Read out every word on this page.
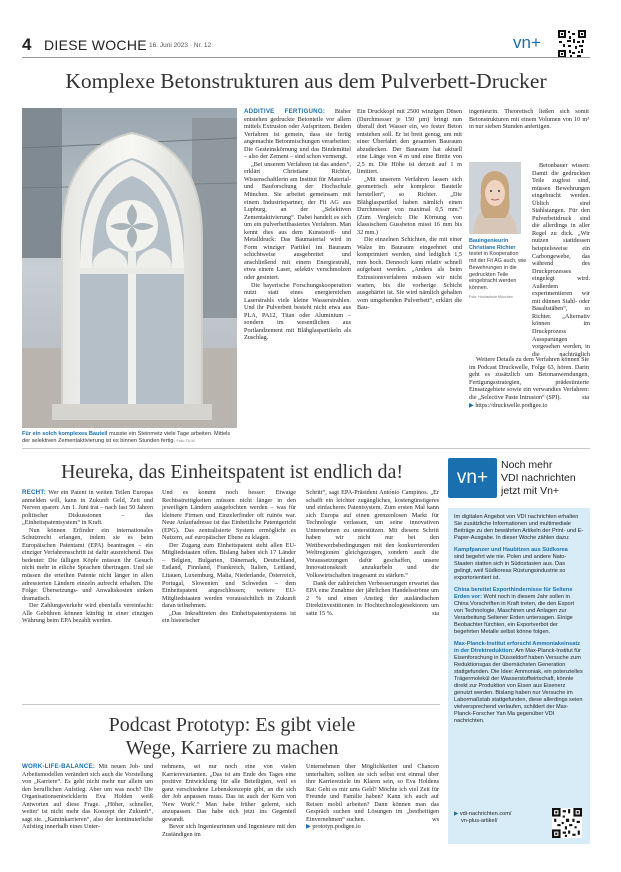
4 DIESE WOCHE 16. Juni 2023 · Nr. 12	vn+
Komplexe Betonstrukturen aus dem Pulverbett-Drucker
Für ein solch komplexes Bauteil musste ein Steinmetz viele Tage arbeiten. Mittels der selektiven Zementaktivierung ist es binnen Stunden fertig. Foto: TU M

ADDITIVE FERTIGUNG: Bisher entstehen gedruckte Betonteile vor allem mittels Extrusion oder Aufspritzen. Beiden Verfahren ist gemein, dass sie fertig angemachte Betonmischungen verarbeiten: Die Gesteinskörnung und das Bindemittel – also der Zement – sind schon vermengt.

„Bei unserem Verfahren ist das anders“, erklärt Christiane Richter, Wissenschaftlerin am Institut für Material- und Bauforschung der Hochschule München. Sie arbeitet gemeinsam mit einem Industriepartner, der Fit AG aus Lupburg, an der „Selektiven Zementaktivierung“. Dabei handelt es sich um ein pulverbettbasiertes Verfahren. Man kennt dies aus dem Kunststoff- und Metalldruck: Das Baumaterial wird in Form winziger Partikel im Bauraum schichtweise ausgebreitet und anschließend mit einem Energiestrahl, etwa einem Laser, selektiv verschmolzen oder gesintert.

Die bayerische Forschungskooperation nutzt statt eines energiereichen Laserstrahls viele kleine Wasserstrahlen. Und ihr Pulverbett besteht nicht etwa aus PLA, PA12, Titan oder Aluminium – sondern im wesentlichen aus Portlandzement mit Blähglaspartikeln als Zuschlag.

Ein Druckkopf mit 2500 winzigen Düsen (Durchmesser je 150 µm) bringt nun überall dort Wasser ein, wo fester Beton entstehen soll. Er ist breit genug, um mit einer Überfahrt den gesamten Bauraum abzudecken. Der Bauraum hat aktuell eine Länge von 4 m und eine Breite von 2,5 m. Die Höhe ist derzeit auf 1 m limitiert.

„Mit unserem Verfahren lassen sich geometrisch sehr komplexe Bauteile herstellen“, so Richter. „Die Blähglaspartikel haben nämlich einen Durchmesser von maximal 0,5 mm.“ (Zum Vergleich: Die Körnung von klassischem Gussbeton misst 16 mm bis 32 mm.)

Die einzelnen Schichten, die mit einer Walze im Bauraum eingeebnet und komprimiert werden, sind lediglich 1,5 mm hoch. Dennoch kann relativ schnell aufgebaut werden. „Anders als beim Extrusionsverfahren müssen wir nicht warten, bis die vorherige Schicht ausgehärtet ist. Sie wird nämlich gehalten vom umgebenden Pulverbett“, erklärt die Bau-

ingenieurin. Theoretisch ließen sich somit Betonstrukturen mit einem Volumen von 10 m³ in nur sieben Stunden anfertigen.

Bauingenieurin Christiane Richter testet in Kooperation mit der Fit AG auch, wie Bewehrungen in die gedruckten Teile eingebracht werden können.
Foto: Hochschule München

Betonbauer wissen: Damit die gedruckten Teile zugfest sind, müssen Bewehrungen eingebracht werden. Üblich sind Stahlstangen. Für den Pulverbettdruck sind die allerdings in aller Regel zu dick. „Wir nutzen stattdessen beispielsweise ein Carbongewebe, das während des Druckprozesses eingelegt wird. Außerdem experimentieren wir mit dünnen Stahl- oder Basaltstäben“, so Richter. „Alternativ können im Druckprozess Aussparungen vorgesehen werden, in die nachträglich

Weitere Details zu dem Verfahren können Sie im Podcast Druckwelle, Folge 63, hören. Darin geht es zusätzlich um Betonanwendungen, Fertigungsstrategien, prädestinierte Einsatzgebiete sowie ein verwandtes Verfahren: die „Selective Paste Intrusion“ (SPI).	sta

▶ https://druckwelle.podigee.io

Heureka, das Einheitspatent ist endlich da!

RECHT: Wer ein Patent in weiten Teilen Europas anmelden will, kann in Zukunft Geld, Zeit und Nerven sparen: Am 1. Juni trat – nach fast 50 Jahren politischer Diskussionen – das „Einheitspatentsystem“ in Kraft.

Nun können Erfinder ein internationales Schutzrecht erlangen, indem sie es beim Europäischen Patentamt (EPA) beantragen – ein einziger Verfahrensschritt ist dafür ausreichend. Das bedeutet: Die fälligen Köpfe müssen ihr Gesuch nicht mehr in etliche Sprachen übertragen. Und sie müssen die erteilten Patente nicht länger in allen adressierten Ländern einzeln aufrecht erhalten. Die Folge: Übersetzungs- und Anwaltskosten sinken dramatisch.

Der Zahlungsverkehr wird ebenfalls vereinfacht: Alle Gebühren können künftig in einer einzigen Währung beim EPA bezahlt werden.

Und es kommt noch besser: Etwaige Rechtsstreitigkeiten müssen nicht länger in den jeweiligen Ländern ausgefochten werden – was für kleinere Firmen und Einzelerfinder oft ruinös war. Neue Anlaufadresse ist das Einheitliche Patentgericht (EPG). Das zentralisierte System ermöglicht es Nutzern, auf europäischer Ebene zu klagen.

Der Zugang zum Einheitspatent steht allen EU-Mitgliedstaaten offen. Bislang haben sich 17 Länder – Belgien, Bulgarien, Dänemark, Deutschland, Estland, Finnland, Frankreich, Italien, Lettland, Litauen, Luxemburg, Malta, Niederlande, Österreich, Portugal, Slowenien und Schweden – dem Einheitspatent angeschlossen; weitere EU-Mitgliedstaaten werden voraussichtlich in Zukunft daran teilnehmen.

„Das Inkrafttreten des Einheitspatentsystems ist ein historischer

Schritt“, sagt EPA-Präsident António Campinos. „Er schafft ein leichter zugängliches, kostengünstigeres und einfacheres Patentsystem. Zum ersten Mal kann sich Europa auf einen grenzenlosen Markt für Technologie verlassen, um seine innovativen Unternehmen zu unterstützen. Mit diesem Schritt haben wir nicht nur bei den Wettbewerbsbedingungen mit den konkurrierenden Weltregionen gleichgezogen, sondern auch die Voraussetzungen dafür geschaffen, unsere Innovationskraft anzukurbeln und die Volkswirtschaften insgesamt zu stärken.“

Dank der zahlreichen Verbesserungen erwartet das EPA eine Zunahme der jährlichen Handelsströme um 2 % und einen Anstieg der ausländischen Direktinvestitionen in Hochtechnologiesektoren um satte 15 %.	sta

Podcast Prototyp: Es gibt viele
Wege, Karriere zu machen

WORK-LIFE-BALANCE: Mit neuen Job- und Arbeitsmodellen verändert sich auch die Vorstellung von „Karriere“. Es geht nicht mehr nur allein um den beruflichen Aufstieg. Aber um was noch? Die Organisationsentwicklerin Eva Holden weiß Antworten auf diese Frage. „Höher, schneller, weiter' ist nicht mehr das Konzept der Zukunft“, sagt sie. „Kaminkarrieren“, also der kontinuierliche Aufstieg innerhalb eines Unter-

nehmens, sei nur noch eine von vielen Karrierevarianten. „Das ist am Ende des Tages eine positive Entwicklung für alle Beteiligten, weil es ganz verschiedene Lebenskonzepte gibt, an die sich der Job anpassen muss. Das ist auch der Kern von 'New Work'.“ Man habe früher gelernt, sich anzupassen. Das habe sich jetzt ins Gegenteil gewandt.

Bevor sich Ingenieurinnen und Ingenieure mit den Zuständigen im

Unternehmen über Möglichkeiten und Chancen unterhalten, sollten sie sich selbst erst einmal über ihre Karriereziele im Klaren sein, so Eva Holdens Rat: Geht es mir ums Geld? Möchte ich viel Zeit für Freunde und Familie haben? Kann ich auch auf Reisen mobil arbeiten? Dann können man das Gespräch suchen und Lösungen im „bestbeitigen Einvernehmen“ suchen.	ws

▶ prototyp.podigee.io

vn+
Noch mehr
VDI nachrichten
jetzt mit Vn+

Im digitalen Angebot von VDI nachrichten erhalten Sie zusätzliche Informationen und multimediale Beiträge zu den bewährten Artikeln der Print- und E-Paper-Ausgabe. In dieser Woche zählen dazu:

Kampfpanzer und Haubitzen aus Südkorea
sind begehrt wie nie. Polen und andere Nato-Staaten statten sich in Südostasien aus. Das gelingt, weil Südkoreas Rüstungsindustrie so exportorientiert ist.

China bereitet Exporthindernisse für Seltene Erden vor: Wohl noch in diesem Jahr sollen in China Vorschriften in Kraft treten, die den Export von Technologie, Maschinen und Anlagen zur Verarbeitung Seltener Erden untersagen. Einige Beobachter fürchten, ein Exportverbot der begehrten Metalle selbst könne folgen.

Max-Planck-Institut erforscht Ammoniakeinsatz in der Direktreduktion: Am Max-Planck-Institut für Eisenforschung in Düsseldorf haben Versuche zum Reduktionsgas der übernächsten Generation stattgefunden. Die Idee: Ammoniak, ein potenzielles Trägermolekül der Wasserstoffwirtschaft, könnte direkt zur Produktion von Eisen aus Eisenerz genutzt werden. Bislang haben nur Versuche im Labormaßstab stattgefunden, diese allerdings seien vielversprechend verlaufen, schildert der Max-Planck-Forscher Yan Ma gegenüber VDI nachrichten.

▶ vdi-nachrichten.com/
vn-plus-artikel/
